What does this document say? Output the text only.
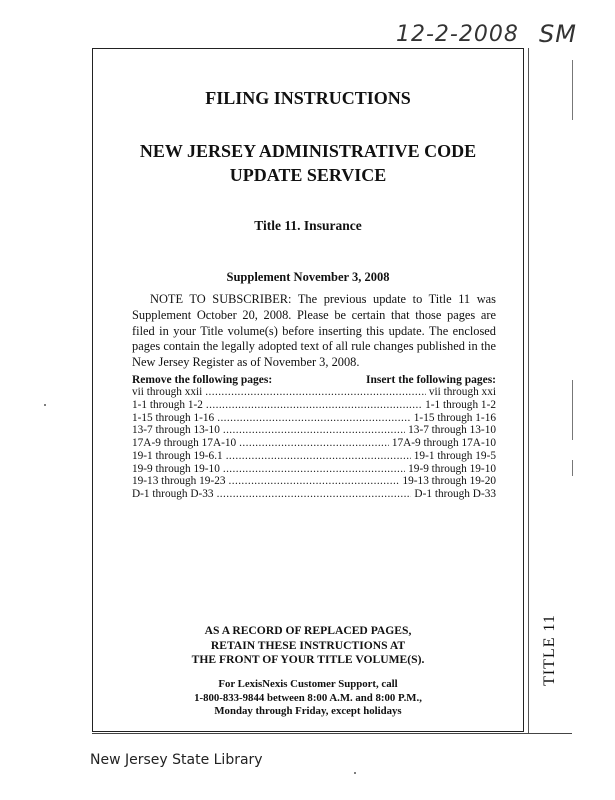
12-2-2008 SM
TITLE 11
FILING INSTRUCTIONS
NEW JERSEY ADMINISTRATIVE CODE
UPDATE SERVICE
Title 11. Insurance
Supplement November 3, 2008

NOTE TO SUBSCRIBER: The previous update to Title 11 was Supplement October 20, 2008. Please be certain that those pages are filed in your Title volume(s) before inserting this update. The enclosed pages contain the legally adopted text of all rule changes published in the New Jersey Register as of November 3, 2008.

Remove the following pages:	Insert the following pages:
vii through xxii .....	vii through xxi
1-1 through 1-2 .....	1-1 through 1-2
1-15 through 1-16 .....	1-15 through 1-16
13-7 through 13-10 .....	13-7 through 13-10
17A-9 through 17A-10 .....	17A-9 through 17A-10
19-1 through 19-6.1 .....	19-1 through 19-5
19-9 through 19-10 .....	19-9 through 19-10
19-13 through 19-23 .....	19-13 through 19-20
D-1 through D-33 .....	D-1 through D-33
AS A RECORD OF REPLACED PAGES,
RETAIN THESE INSTRUCTIONS AT
THE FRONT OF YOUR TITLE VOLUME(S).
For LexisNexis Customer Support, call
1-800-833-9844 between 8:00 A.M. and 8:00 P.M.,
Monday through Friday, except holidays
New Jersey State Library
